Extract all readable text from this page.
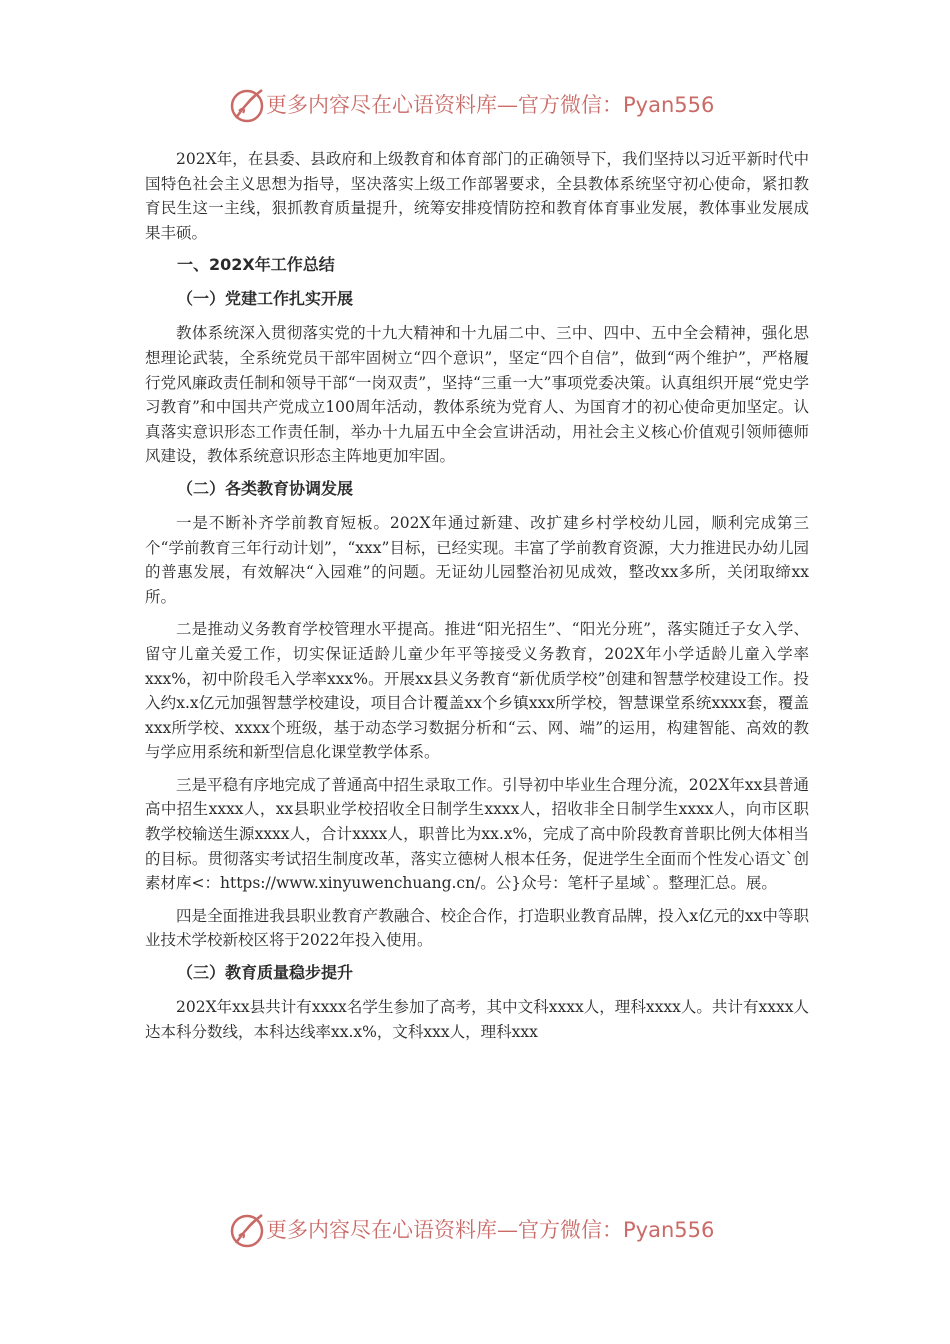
更多内容尽在心语资料库—官方微信：Pyan556

202X年，在县委、县政府和上级教育和体育部门的正确领导下，我们坚持以习近平新时代中国特色社会主义思想为指导，坚决落实上级工作部署要求，全县教体系统坚守初心使命，紧扣教育民生这一主线，狠抓教育质量提升，统筹安排疫情防控和教育体育事业发展，教体事业发展成果丰硕。

一、202X年工作总结
（一）党建工作扎实开展

教体系统深入贯彻落实党的十九大精神和十九届二中、三中、四中、五中全会精神，强化思想理论武装，全系统党员干部牢固树立“四个意识”，坚定“四个自信”，做到“两个维护”，严格履行党风廉政责任制和领导干部“一岗双责”，坚持“三重一大”事项党委决策。认真组织开展“党史学习教育”和中国共产党成立100周年活动，教体系统为党育人、为国育才的初心使命更加坚定。认真落实意识形态工作责任制，举办十九届五中全会宣讲活动，用社会主义核心价值观引领师德师风建设，教体系统意识形态主阵地更加牢固。

（二）各类教育协调发展

一是不断补齐学前教育短板。202X年通过新建、改扩建乡村学校幼儿园，顺利完成第三个“学前教育三年行动计划”，“xxx”目标，已经实现。丰富了学前教育资源，大力推进民办幼儿园的普惠发展，有效解决“入园难”的问题。无证幼儿园整治初见成效，整改xx多所，关闭取缔xx所。

二是推动义务教育学校管理水平提高。推进“阳光招生”、“阳光分班”，落实随迁子女入学、留守儿童关爱工作，切实保证适龄儿童少年平等接受义务教育，202X年小学适龄儿童入学率xxx%，初中阶段毛入学率xxx%。开展xx县义务教育“新优质学校”创建和智慧学校建设工作。投入约x.x亿元加强智慧学校建设，项目合计覆盖xx个乡镇xxx所学校，智慧课堂系统xxxx套，覆盖xxx所学校、xxxx个班级，基于动态学习数据分析和“云、网、端”的运用，构建智能、高效的教与学应用系统和新型信息化课堂教学体系。

三是平稳有序地完成了普通高中招生录取工作。引导初中毕业生合理分流，202X年xx县普通高中招生xxxx人，xx县职业学校招收全日制学生xxxx人，招收非全日制学生xxxx人，向市区职教学校输送生源xxxx人，合计xxxx人，职普比为xx.x%，完成了高中阶段教育普职比例大体相当的目标。贯彻落实考试招生制度改革，落实立德树人根本任务，促进学生全面而个性发心语文`创素材库<：https://www.xinyuwenchuang.cn/。公}众号：笔杆子星域`。整理汇总。展。

四是全面推进我县职业教育产教融合、校企合作，打造职业教育品牌，投入x亿元的xx中等职业技术学校新校区将于2022年投入使用。

（三）教育质量稳步提升

202X年xx县共计有xxxx名学生参加了高考，其中文科xxxx人，理科xxxx人。共计有xxxx人达本科分数线，本科达线率xx.x%，文科xxx人，理科xxx

更多内容尽在心语资料库—官方微信：Pyan556
